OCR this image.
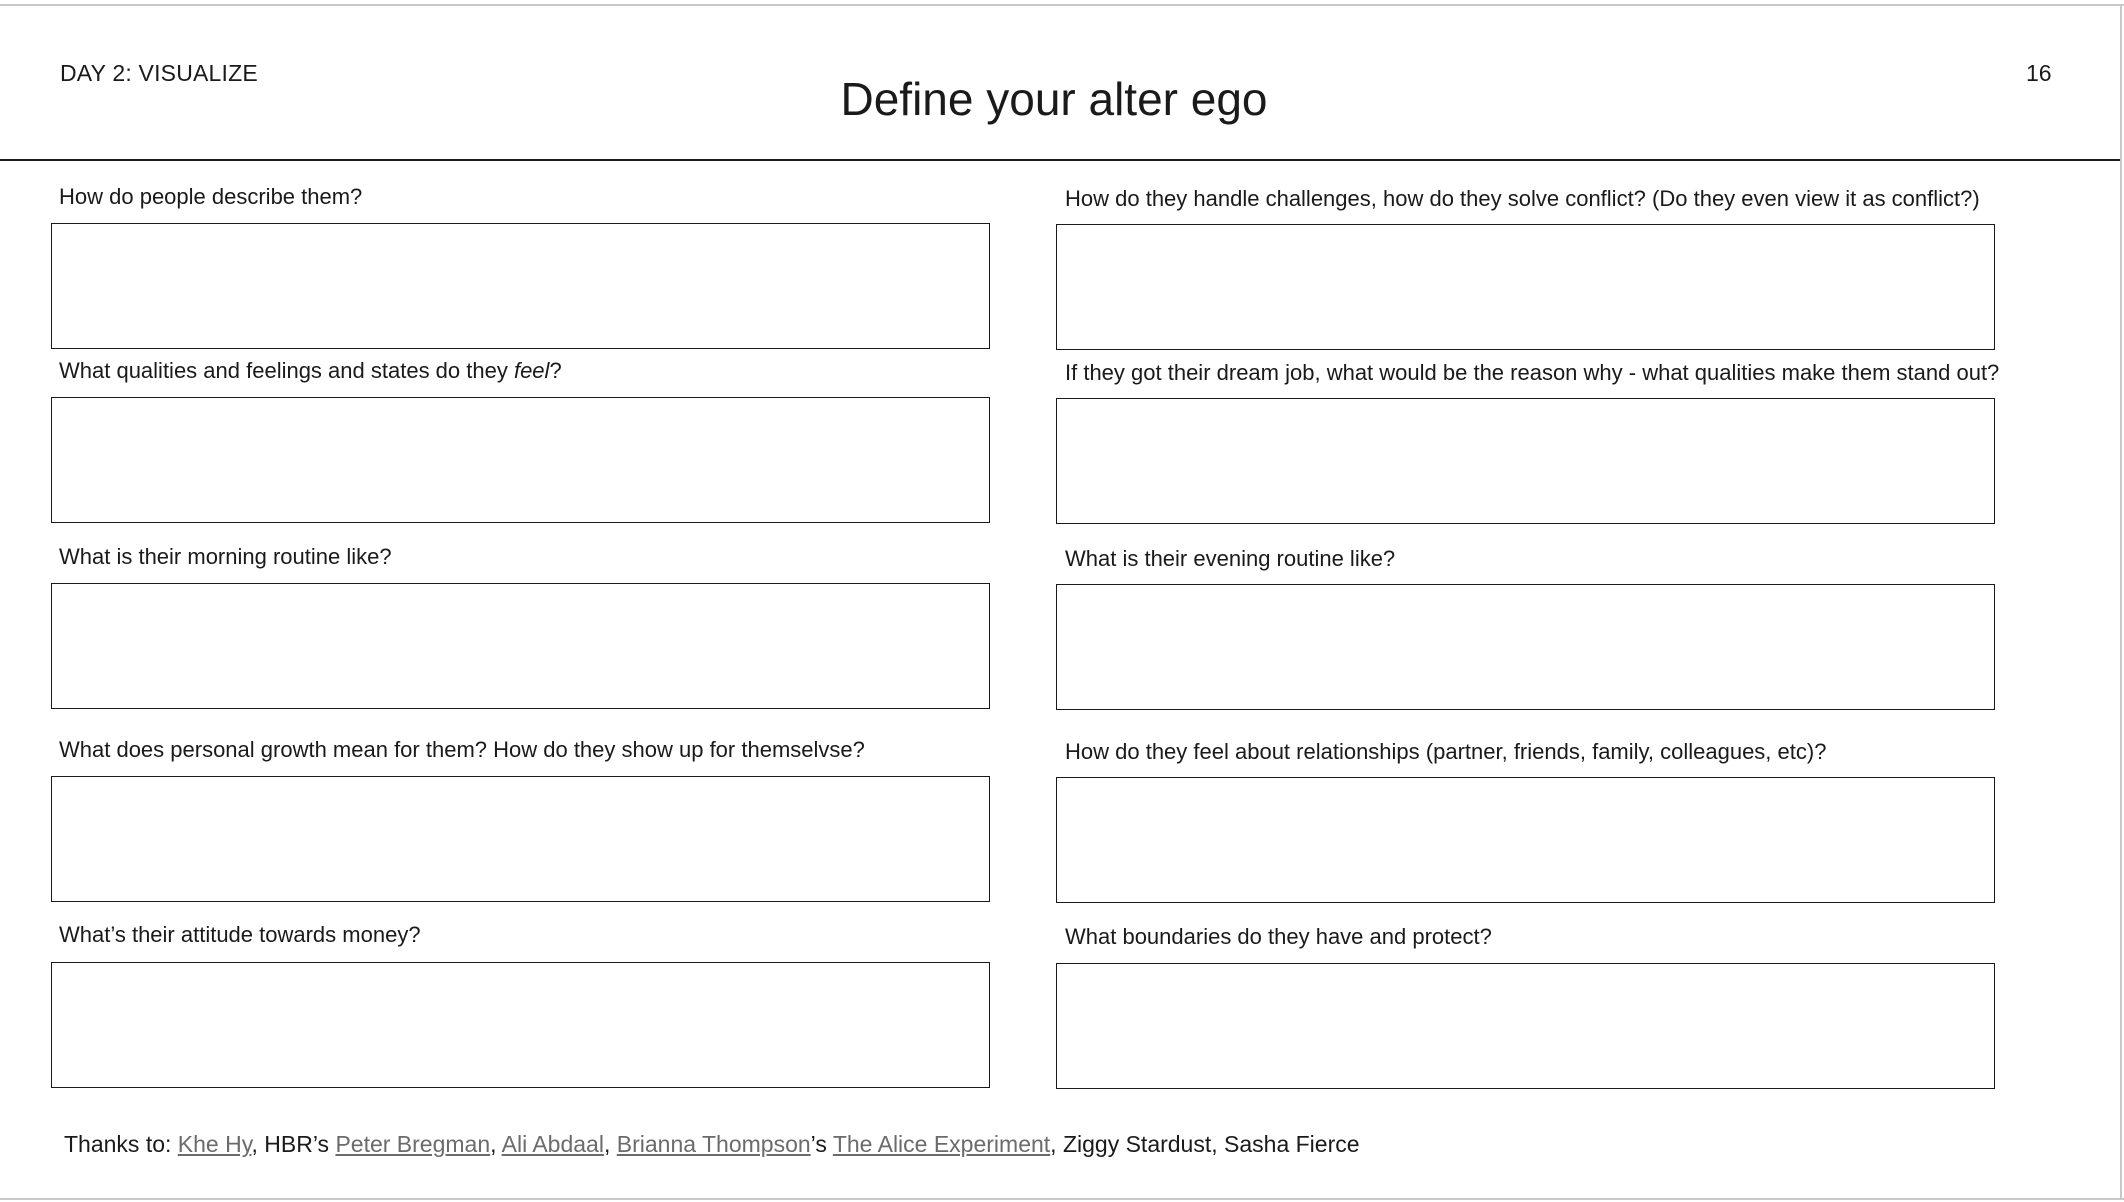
DAY 2: VISUALIZE	Define your alter ego	16
How do people describe them?
What qualities and feelings and states do they feel?
What is their morning routine like?
What does personal growth mean for them? How do they show up for themselvse?
What’s their attitude towards money?
How do they handle challenges, how do they solve conflict? (Do they even view it as conflict?)
If they got their dream job, what would be the reason why - what qualities make them stand out?
What is their evening routine like?
How do they feel about relationships (partner, friends, family, colleagues, etc)?
What boundaries do they have and protect?
Thanks to: Khe Hy, HBR’s Peter Bregman, Ali Abdaal, Brianna Thompson’s The Alice Experiment, Ziggy Stardust, Sasha Fierce
